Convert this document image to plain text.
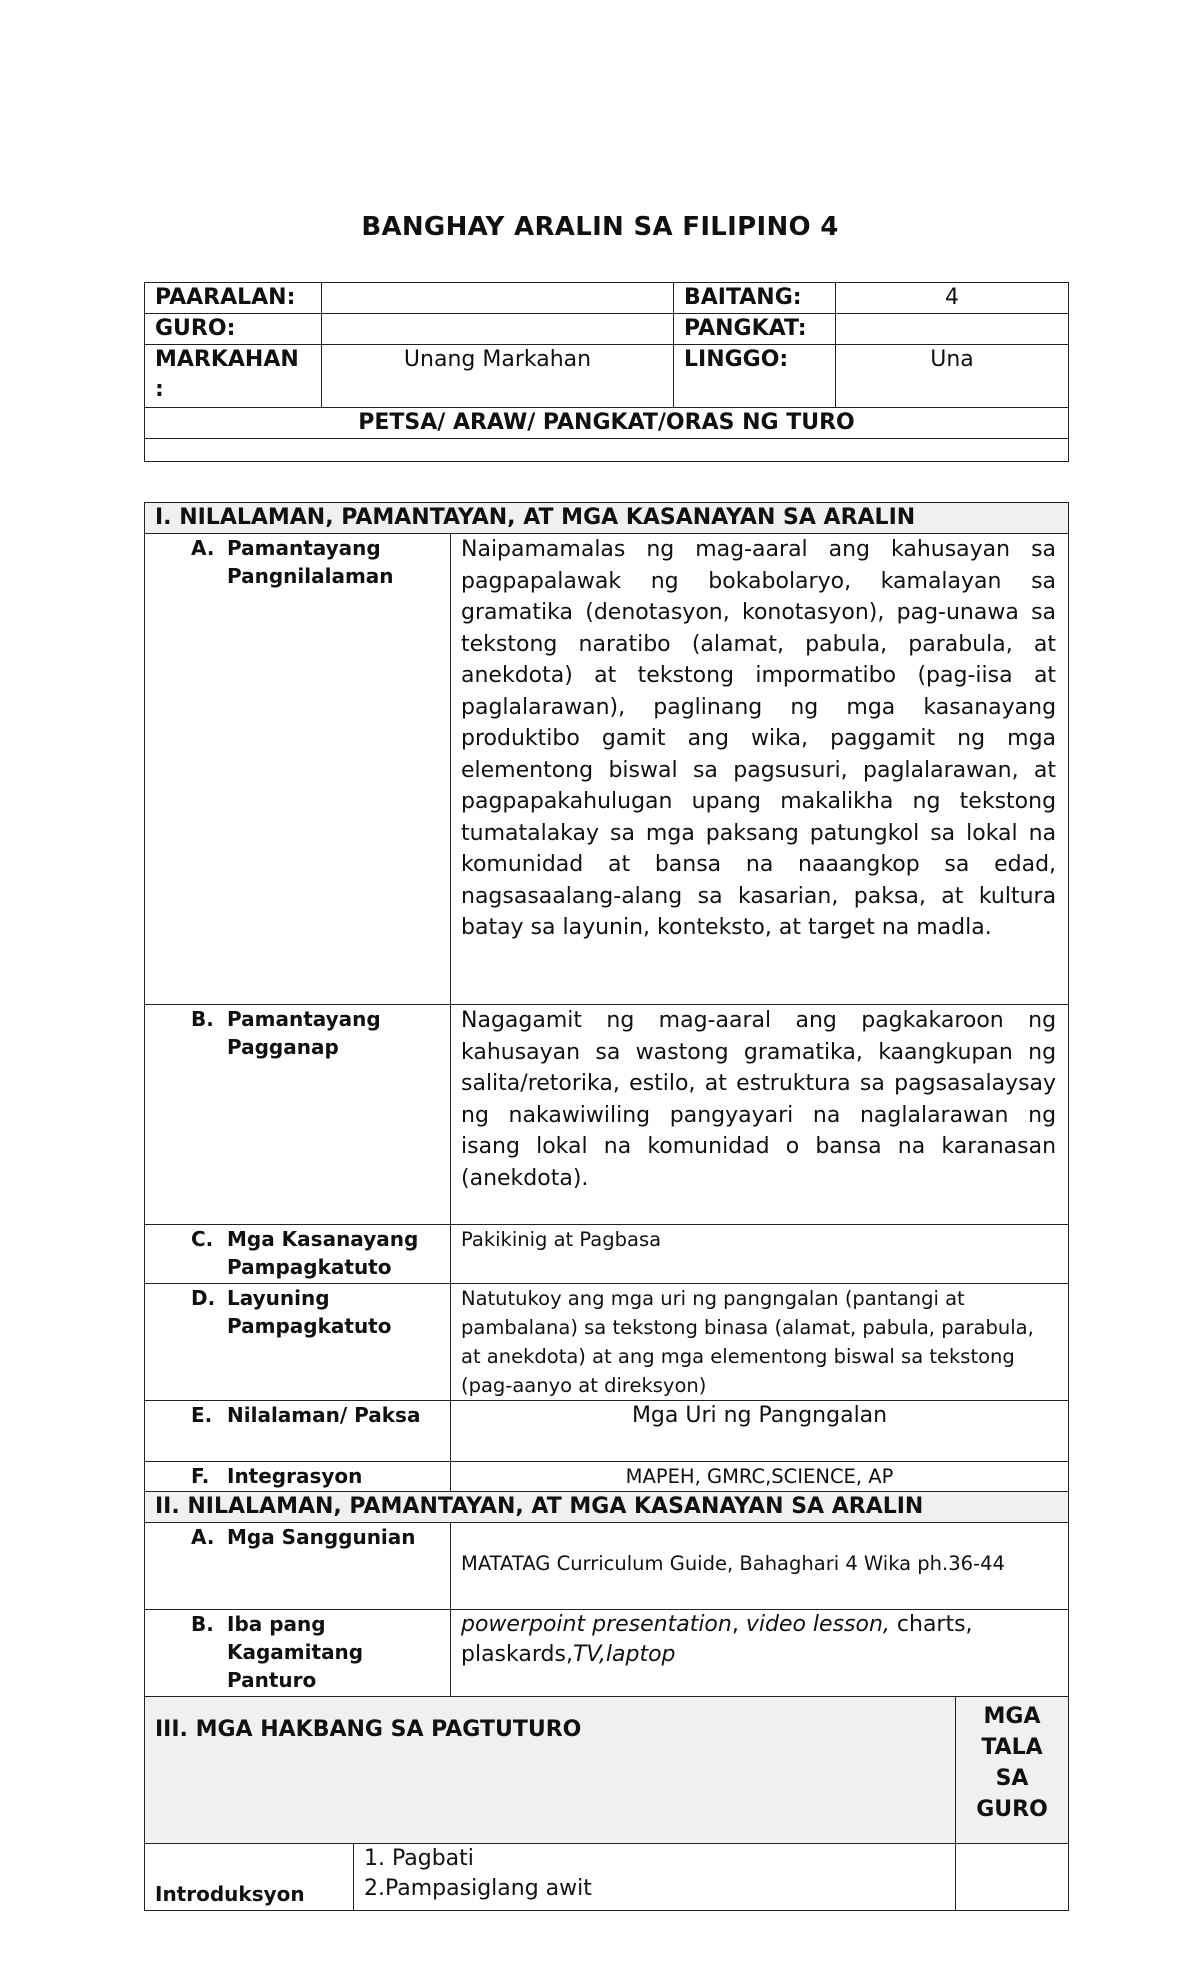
BANGHAY ARALIN SA FILIPINO 4
PAARALAN:		BAITANG:	4
GURO:		PANGKAT:	
MARKAHAN
:	Unang Markahan	LINGGO:	Una
PETSA/ ARAW/ PANGKAT/ORAS NG TURO			

I. NILALAMAN, PAMANTAYAN, AT MGA KASANAYAN SA ARALIN			
A. Pamantayang
Pangnilalaman		Naipamamalas ng mag-aaral ang kahusayan sa pagpapalawak ng bokabolaryo, kamalayan sa gramatika (denotasyon, konotasyon), pag-unawa sa tekstong naratibo (alamat, pabula, parabula, at anekdota) at tekstong impormatibo (pag-iisa at paglalarawan), paglinang ng mga kasanayang produktibo gamit ang wika, paggamit ng mga elementong biswal sa pagsusuri, paglalarawan, at pagpapakahulugan upang makalikha ng tekstong tumatalakay sa mga paksang patungkol sa lokal na komunidad at bansa na naaangkop sa edad, nagsasaalang-alang sa kasarian, paksa, at kultura batay sa layunin, konteksto, at target na madla.	
B. Pamantayang
Pagganap		Nagagamit ng mag-aaral ang pagkakaroon ng kahusayan sa wastong gramatika, kaangkupan ng salita/retorika, estilo, at estruktura sa pagsasalaysay ng nakawiwiling pangyayari na naglalarawan ng isang lokal na komunidad o bansa na karanasan (anekdota).	
C. Mga Kasanayang
Pampagkatuto		Pakikinig at Pagbasa	
D. Layuning
Pampagkatuto		Natutukoy ang mga uri ng pangngalan (pantangi at pambalana) sa tekstong binasa (alamat, pabula, parabula, at anekdota) at ang mga elementong biswal sa tekstong (pag-aanyo at direksyon)	
E. Nilalaman/ Paksa		Mga Uri ng Pangngalan	
F. Integrasyon		MAPEH, GMRC,SCIENCE, AP	
II. NILALAMAN, PAMANTAYAN, AT MGA KASANAYAN SA ARALIN			
A. Mga Sanggunian		MATATAG Curriculum Guide, Bahaghari 4 Wika ph.36-44	
B. Iba pang
Kagamitang
Panturo		powerpoint presentation, video lesson, charts, plaskards,TV,laptop	
III. MGA HAKBANG SA PAGTUTURO			MGA
TALA
SA
GURO
Introduksyon	1. Pagbati
2.Pampasiglang awit		
